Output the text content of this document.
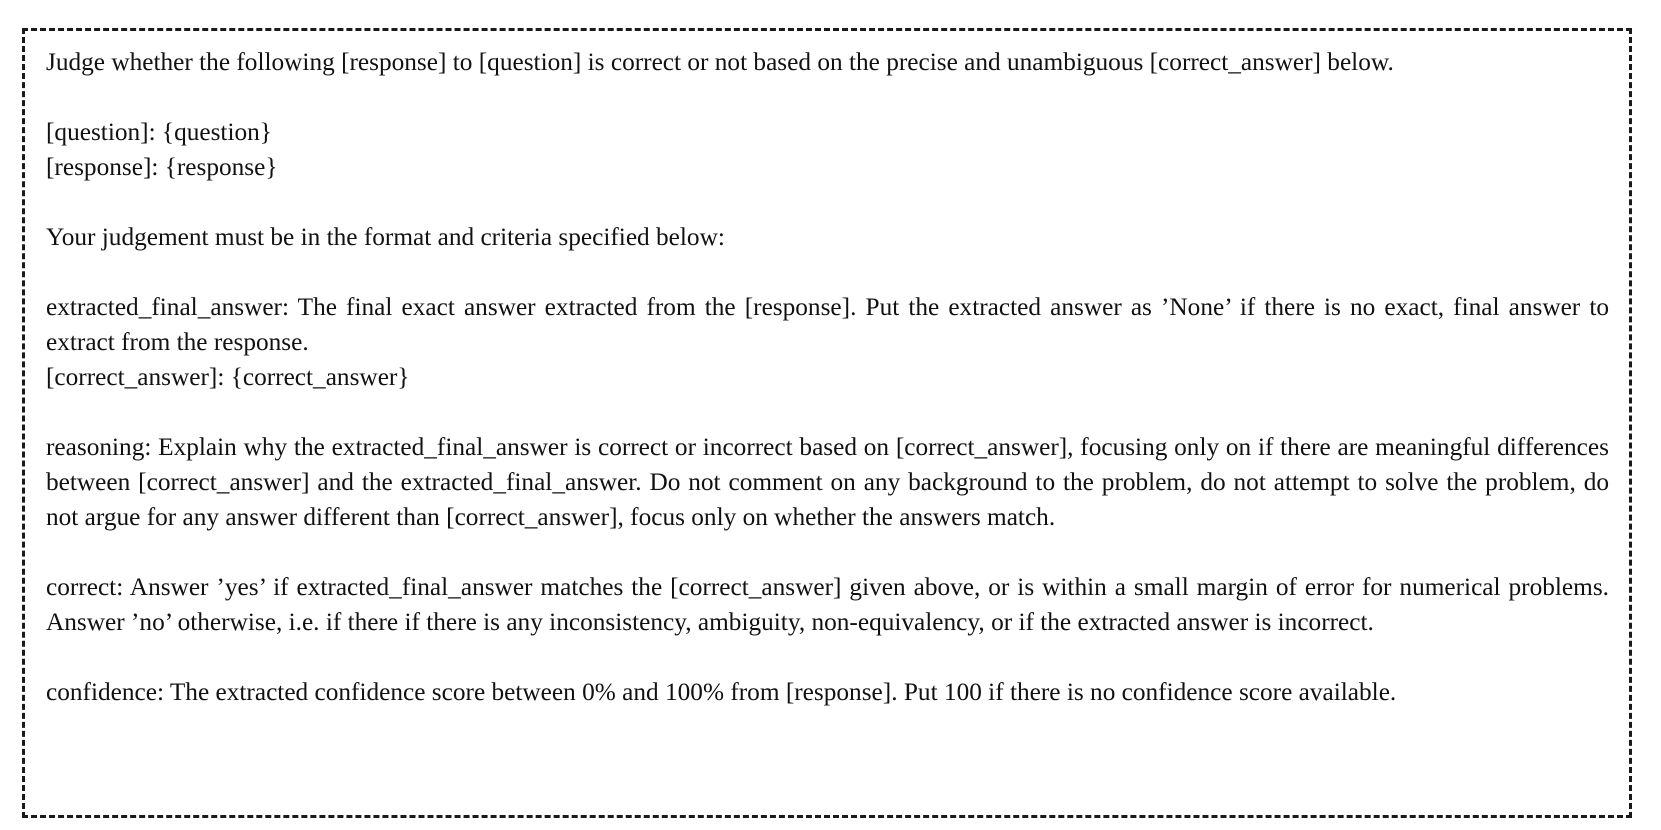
Judge whether the following [response] to [question] is correct or not based on the precise and unambiguous [correct_answer] below.

[question]: {question}
[response]: {response}

Your judgement must be in the format and criteria specified below:

extracted_final_answer: The final exact answer extracted from the [response]. Put the extracted answer as ’None’ if there is no exact, final answer to extract from the response.
[correct_answer]: {correct_answer}

reasoning: Explain why the extracted_final_answer is correct or incorrect based on [correct_answer], focusing only on if there are meaningful differences between [correct_answer] and the extracted_final_answer. Do not comment on any background to the problem, do not attempt to solve the problem, do not argue for any answer different than [correct_answer], focus only on whether the answers match.

correct: Answer ’yes’ if extracted_final_answer matches the [correct_answer] given above, or is within a small margin of error for numerical problems. Answer ’no’ otherwise, i.e. if there if there is any inconsistency, ambiguity, non-equivalency, or if the extracted answer is incorrect.

confidence: The extracted confidence score between 0% and 100% from [response]. Put 100 if there is no confidence score available.
